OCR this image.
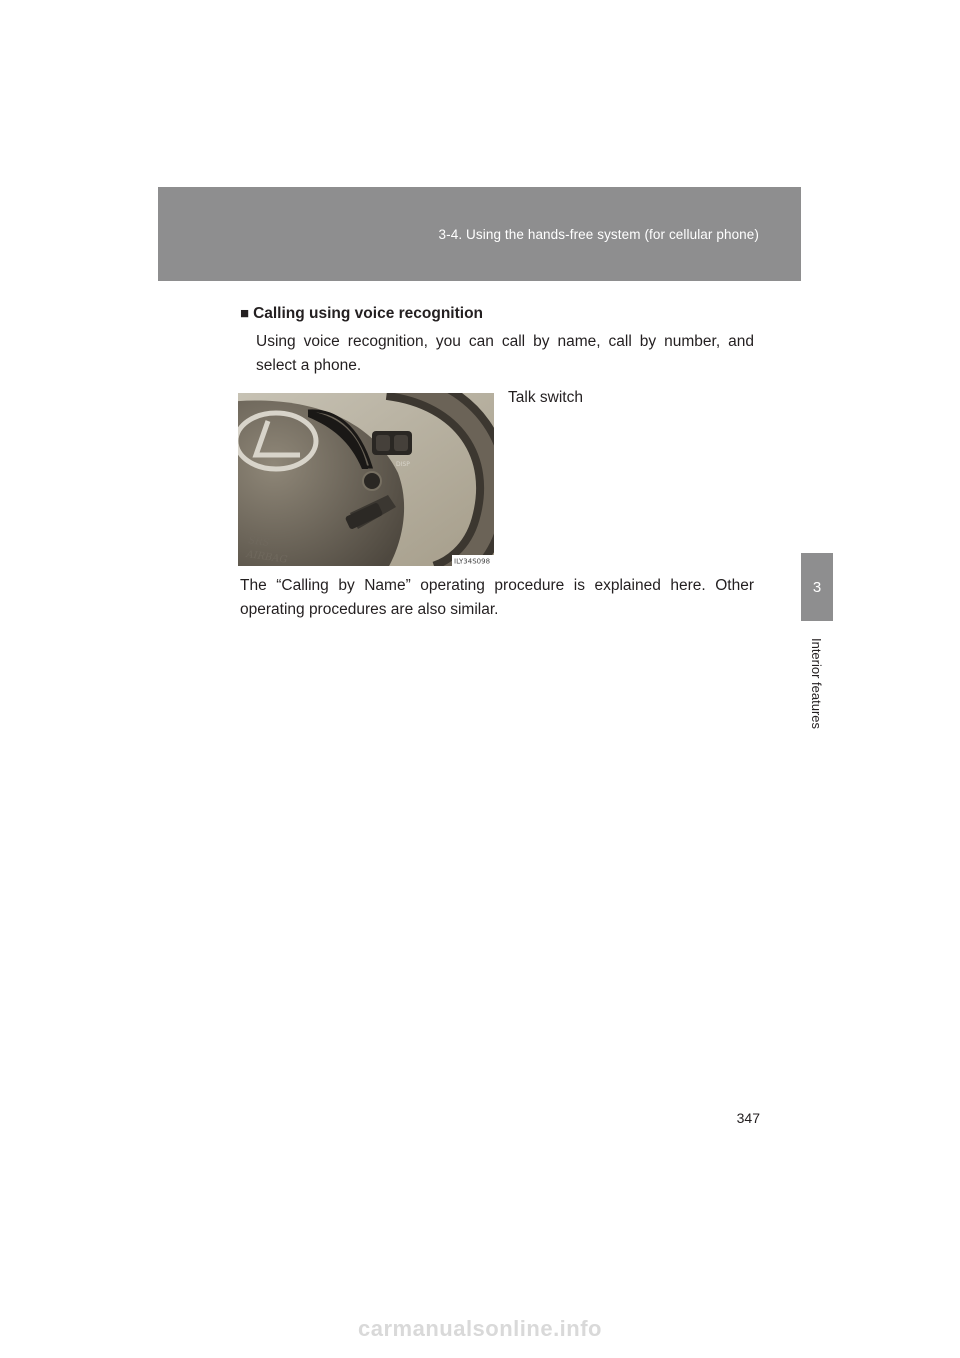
3-4. Using the hands-free system (for cellular phone)
3
Interior features
■ Calling using voice recognition
Using voice recognition, you can call by name, call by number, and select a phone.
DISP
SRS
AIRBAG	ILY34S098
Talk switch
The “Calling by Name” operating procedure is explained here. Other operating procedures are also similar.
347
carmanualsonline.info
